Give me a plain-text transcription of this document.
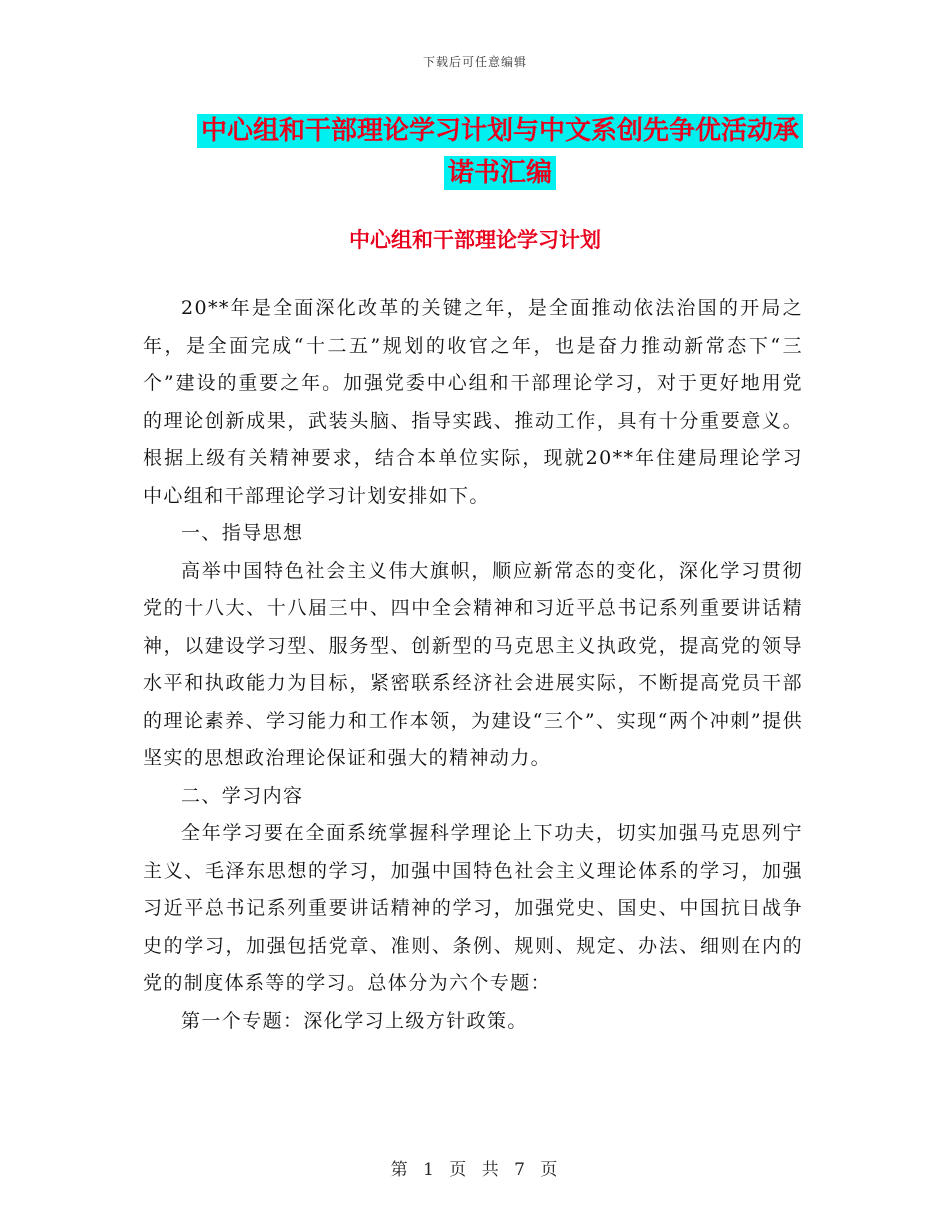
下载后可任意编辑
中心组和干部理论学习计划与中文系创先争优活动承
诺书汇编
中心组和干部理论学习计划

20**年是全面深化改革的关键之年，是全面推动依法治国的开局之年，是全面完成“十二五”规划的收官之年，也是奋力推动新常态下“三个”建设的重要之年。加强党委中心组和干部理论学习，对于更好地用党的理论创新成果，武装头脑、指导实践、推动工作，具有十分重要意义。根据上级有关精神要求，结合本单位实际，现就20**年住建局理论学习中心组和干部理论学习计划安排如下。

一、指导思想

高举中国特色社会主义伟大旗帜，顺应新常态的变化，深化学习贯彻党的十八大、十八届三中、四中全会精神和习近平总书记系列重要讲话精神，以建设学习型、服务型、创新型的马克思主义执政党，提高党的领导水平和执政能力为目标，紧密联系经济社会进展实际，不断提高党员干部的理论素养、学习能力和工作本领，为建设“三个”、实现“两个冲刺”提供坚实的思想政治理论保证和强大的精神动力。

二、学习内容

全年学习要在全面系统掌握科学理论上下功夫，切实加强马克思列宁主义、毛泽东思想的学习，加强中国特色社会主义理论体系的学习，加强习近平总书记系列重要讲话精神的学习，加强党史、国史、中国抗日战争史的学习，加强包括党章、准则、条例、规则、规定、办法、细则在内的党的制度体系等的学习。总体分为六个专题：

第一个专题：深化学习上级方针政策。

第 1 页 共 7 页
